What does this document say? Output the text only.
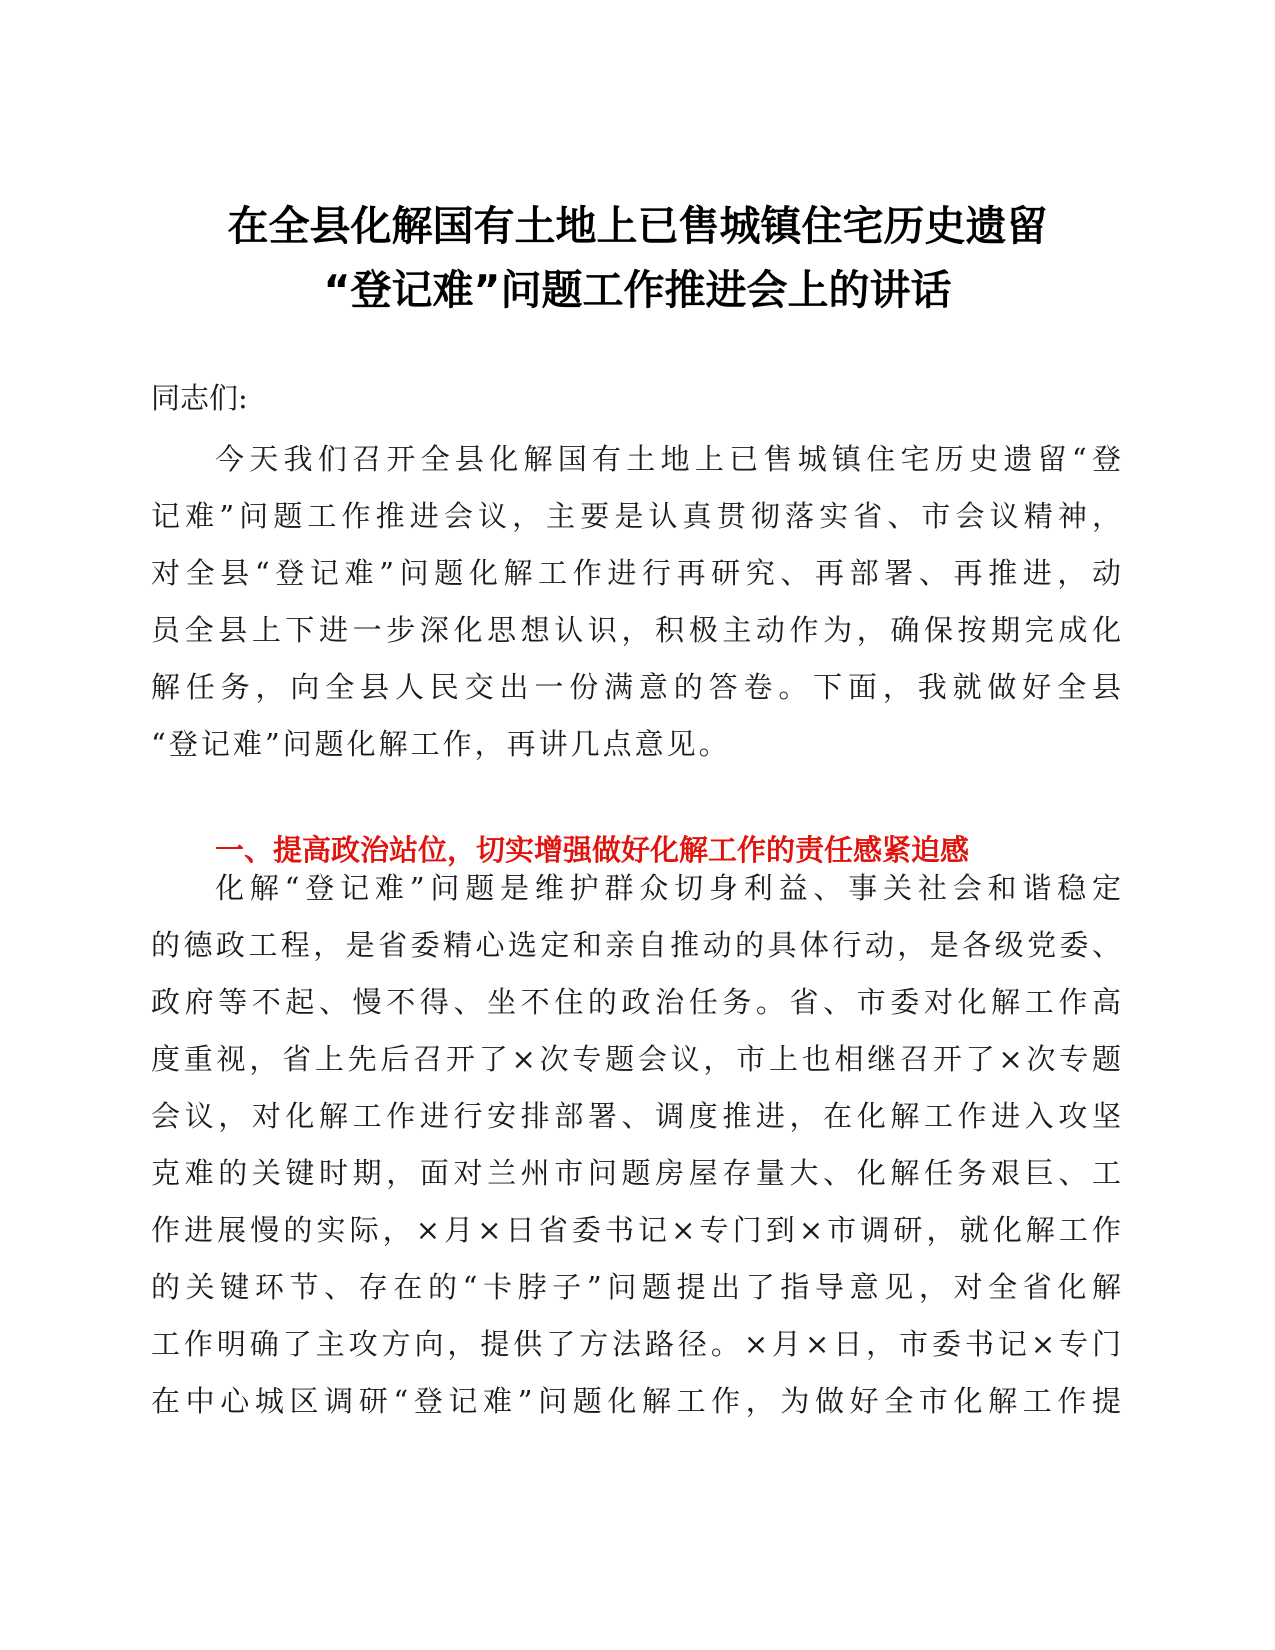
在全县化解国有土地上已售城镇住宅历史遗留
“登记难”问题工作推进会上的讲话
同志们:
今天我们召开全县化解国有土地上已售城镇住宅历史遗留“登
记难”问题工作推进会议，主要是认真贯彻落实省、市会议精神，
对全县“登记难”问题化解工作进行再研究、再部署、再推进，动
员全县上下进一步深化思想认识，积极主动作为，确保按期完成化
解任务，向全县人民交出一份满意的答卷。下面，我就做好全县
“登记难”问题化解工作，再讲几点意见。
一、提高政治站位，切实增强做好化解工作的责任感紧迫感
化解“登记难”问题是维护群众切身利益、事关社会和谐稳定
的德政工程，是省委精心选定和亲自推动的具体行动，是各级党委、
政府等不起、慢不得、坐不住的政治任务。省、市委对化解工作高
度重视，省上先后召开了×次专题会议，市上也相继召开了×次专题
会议，对化解工作进行安排部署、调度推进，在化解工作进入攻坚
克难的关键时期，面对兰州市问题房屋存量大、化解任务艰巨、工
作进展慢的实际，×月×日省委书记×专门到×市调研，就化解工作
的关键环节、存在的“卡脖子”问题提出了指导意见，对全省化解
工作明确了主攻方向，提供了方法路径。×月×日，市委书记×专门
在中心城区调研“登记难”问题化解工作，为做好全市化解工作提
